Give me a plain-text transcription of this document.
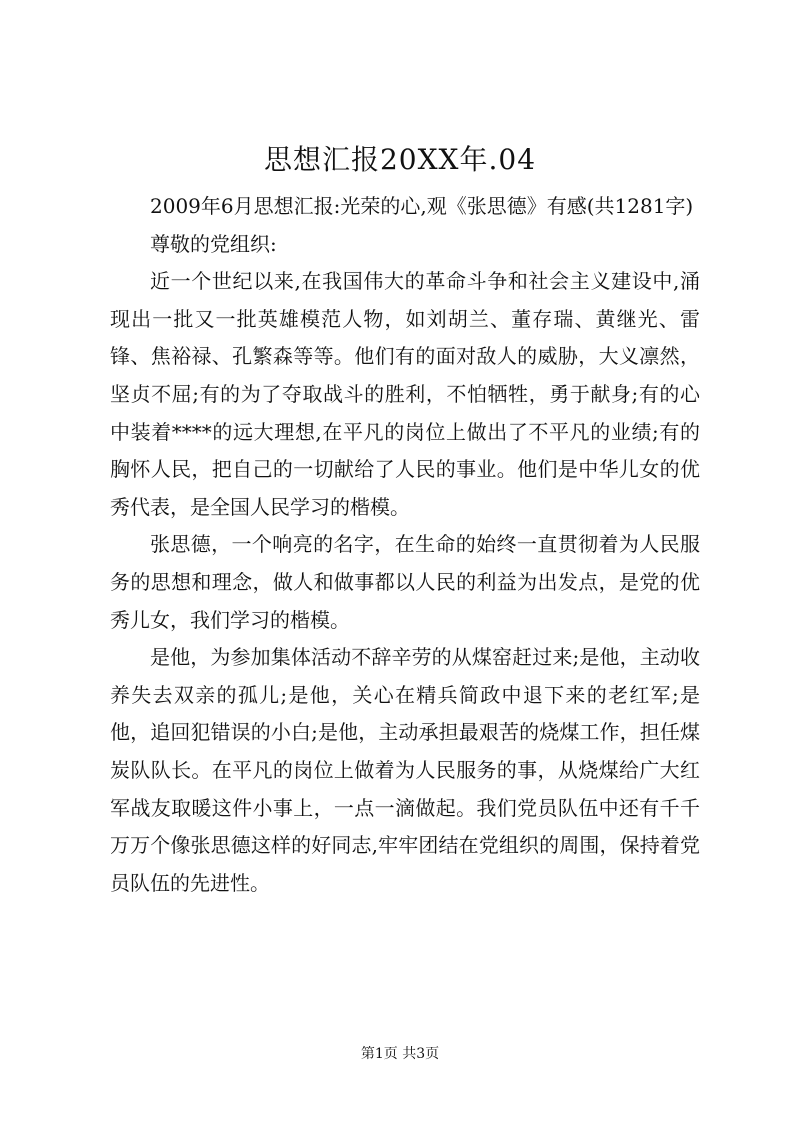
思想汇报20XX年.04

2009年6月思想汇报:光荣的心,观《张思德》有感(共1281字)

尊敬的党组织:

近一个世纪以来,在我国伟大的革命斗争和社会主义建设中,涌现出一批又一批英雄模范人物，如刘胡兰、董存瑞、黄继光、雷锋、焦裕禄、孔繁森等等。他们有的面对敌人的威胁，大义凛然，坚贞不屈;有的为了夺取战斗的胜利，不怕牺牲，勇于献身;有的心中装着****的远大理想,在平凡的岗位上做出了不平凡的业绩;有的胸怀人民，把自己的一切献给了人民的事业。他们是中华儿女的优秀代表，是全国人民学习的楷模。

张思德，一个响亮的名字，在生命的始终一直贯彻着为人民服务的思想和理念，做人和做事都以人民的利益为出发点，是党的优秀儿女，我们学习的楷模。

是他，为参加集体活动不辞辛劳的从煤窑赶过来;是他，主动收养失去双亲的孤儿;是他，关心在精兵简政中退下来的老红军;是他，追回犯错误的小白;是他，主动承担最艰苦的烧煤工作，担任煤炭队队长。在平凡的岗位上做着为人民服务的事，从烧煤给广大红军战友取暖这件小事上，一点一滴做起。我们党员队伍中还有千千万万个像张思德这样的好同志,牢牢团结在党组织的周围，保持着党员队伍的先进性。

第1页 共3页
